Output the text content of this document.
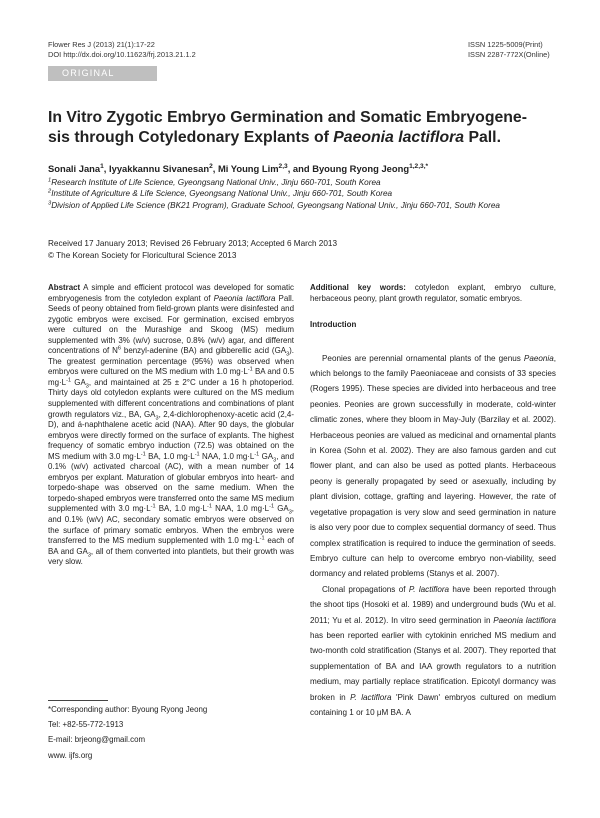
Flower Res J (2013) 21(1):17-22
DOI http://dx.doi.org/10.11623/frj.2013.21.1.2
ISSN 1225-5009(Print)
ISSN 2287-772X(Online)
ORIGINAL ARTICLE
In Vitro Zygotic Embryo Germination and Somatic Embryogene-
sis through Cotyledonary Explants of Paeonia lactiflora Pall.
Sonali Jana$^1$, Iyyakkannu Sivanesan$^2$, Mi Young Lim$^{2,3}$, and Byoung Ryong Jeong$^{1,2,3,*}$
$^1$Research Institute of Life Science, Gyeongsang National Univ., Jinju 660-701, South Korea
$^2$Institute of Agriculture & Life Science, Gyeongsang National Univ., Jinju 660-701, South Korea
$^3$Division of Applied Life Science (BK21 Program), Graduate School, Gyeongsang National Univ., Jinju 660-701, South Korea
Received 17 January 2013; Revised 26 February 2013; Accepted 6 March 2013
© The Korean Society for Floricultural Science 2013

Abstract A simple and efficient protocol was developed for somatic embryogenesis from the cotyledon explant of Paeonia lactiflora Pall. Seeds of peony obtained from field-grown plants were disinfested and zygotic embryos were excised. For germination, excised embryos were cultured on the Murashige and Skoog (MS) medium supplemented with 3% (w/v) sucrose, 0.8% (w/v) agar, and different concentrations of $N^6$ benzyl-adenine (BA) and gibberellic acid $(GA_3)$. The greatest germination percentage (95%) was observed when embryos were cultured on the MS medium with 1.0 $mg\cdot L^{-1}$ BA and 0.5 $mg\cdot L^{-1}$ $GA_3$, and maintained at 25 ± 2°C under a 16 h photoperiod. Thirty days old cotyledon explants were cultured on the MS medium supplemented with different concentrations and combinations of plant growth regulators viz., BA, $GA_3$, 2,4-dichlorophenoxy-acetic acid (2,4-D), and á-naphthalene acetic acid (NAA). After 90 days, the globular embryos were directly formed on the surface of explants. The highest frequency of somatic embryo induction (72.5) was obtained on the MS medium with 3.0 $mg\cdot L^{-1}$ BA, 1.0 $mg\cdot L^{-1}$ NAA, 1.0 $mg\cdot L^{-1}$ $GA_3$, and 0.1% (w/v) activated charcoal (AC), with a mean number of 14 embryos per explant. Maturation of globular embryos into heart- and torpedo-shape was observed on the same medium. When the torpedo-shaped embryos were transferred onto the same MS medium supplemented with 3.0 $mg\cdot L^{-1}$ BA, 1.0 $mg\cdot L^{-1}$ NAA, 1.0 $mg\cdot L^{-1}$ $GA_3$, and 0.1% (w/v) AC, secondary somatic embryos were observed on the surface of primary somatic embryos. When the embryos were transferred to the MS medium supplemented with 1.0 $mg\cdot L^{-1}$ each of BA and $GA_3$, all of them converted into plantlets, but their growth was very slow.

Additional key words: cotyledon explant, embryo culture, herbaceous peony, plant growth regulator, somatic embryos.

Introduction

Peonies are perennial ornamental plants of the genus Paeonia, which belongs to the family Paeoniaceae and consists of 33 species (Rogers 1995). These species are divided into herbaceous and tree peonies. Peonies are grown successfully in moderate, cold-winter climatic zones, where they bloom in May-July (Barzilay et al. 2002). Herbaceous peonies are valued as medicinal and ornamental plants in Korea (Sohn et al. 2002). They are also famous garden and cut flower plant, and can also be used as potted plants. Herbaceous peony is generally propagated by seed or asexually, including by plant division, cottage, grafting and layering. However, the rate of vegetative propagation is very slow and seed germination in nature is also very poor due to complex sequential dormancy of seed. Thus complex stratification is required to induce the germination of seeds. Embryo culture can help to overcome embryo non-viability, seed dormancy and related problems (Stanys et al. 2007).

Clonal propagations of P. lactiflora have been reported through the shoot tips (Hosoki et al. 1989) and underground buds (Wu et al. 2011; Yu et al. 2012). In vitro seed germination in Paeonia lactiflora has been reported earlier with cytokinin enriched MS medium and two-month cold stratification (Stanys et al. 2007). They reported that supplementation of BA and IAA growth regulators to a nutrition medium, may partially replace stratification. Epicotyl dormancy was broken in P. lactiflora 'Pink Dawn' embryos cultured on medium containing 1 or 10 μM BA. A

*Corresponding author: Byoung Ryong Jeong
Tel: +82-55-772-1913
E-mail: brjeong@gmail.com
www. ijfs.org
